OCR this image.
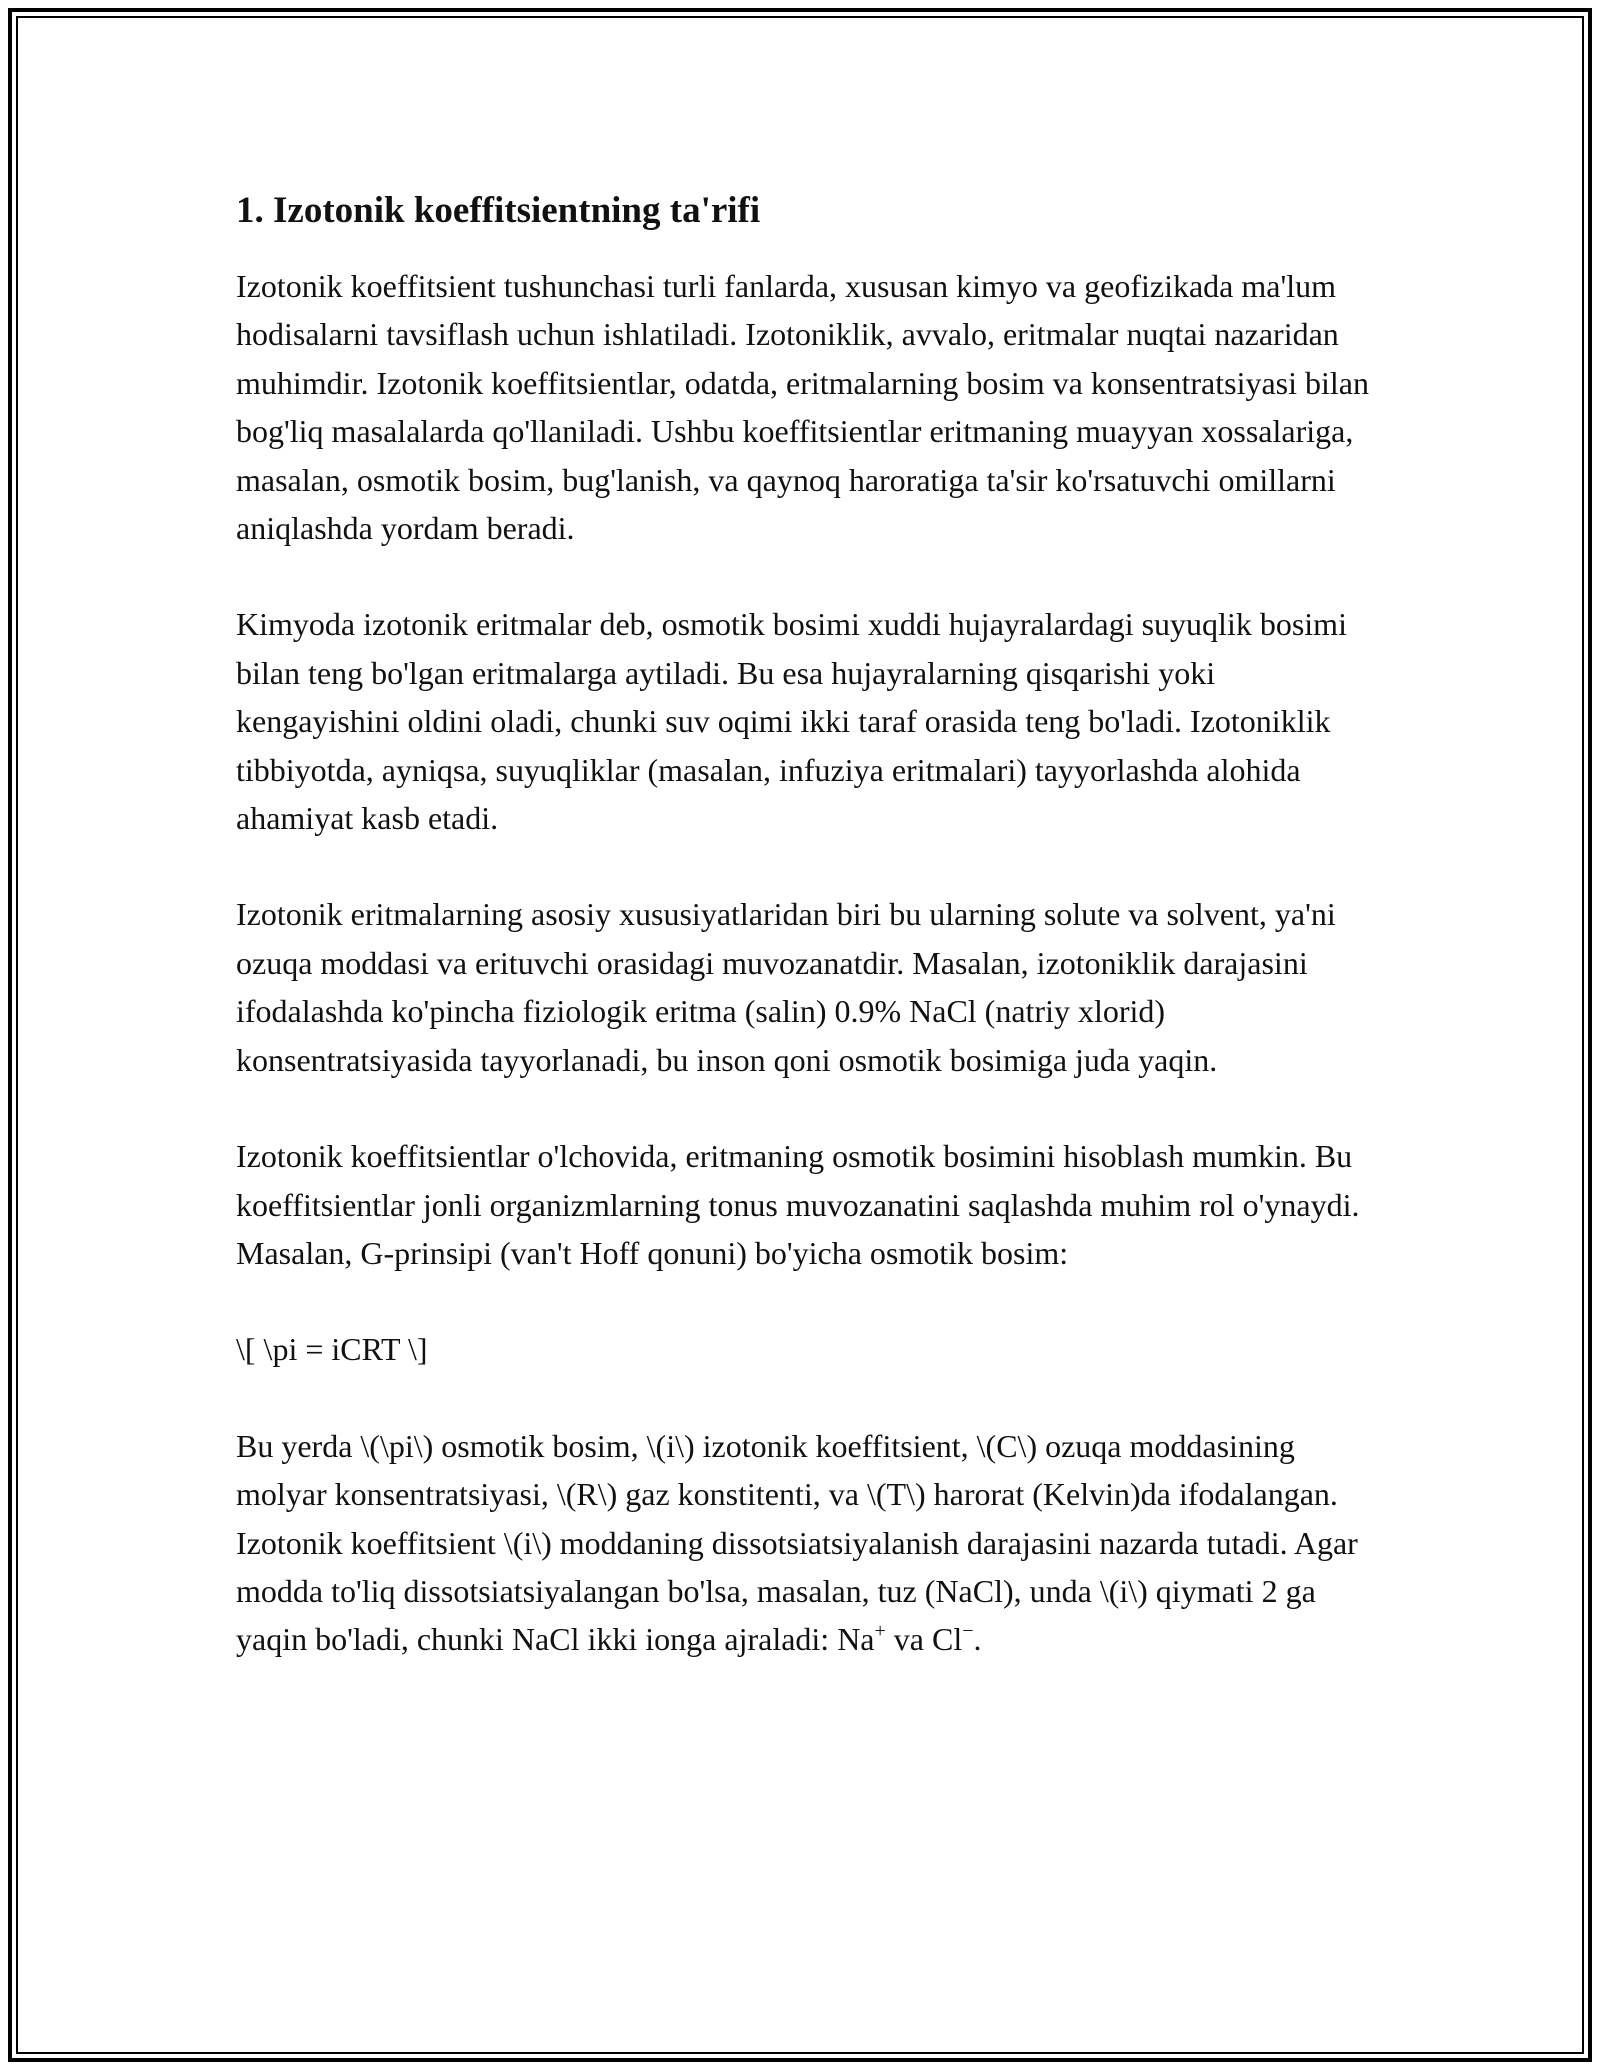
1. Izotonik koeffitsientning ta'rifi

Izotonik koeffitsient tushunchasi turli fanlarda, xususan kimyo va geofizikada ma'lum hodisalarni tavsiflash uchun ishlatiladi. Izotoniklik, avvalo, eritmalar nuqtai nazaridan muhimdir. Izotonik koeffitsientlar, odatda, eritmalarning bosim va konsentratsiyasi bilan bog'liq masalalarda qo'llaniladi. Ushbu koeffitsientlar eritmaning muayyan xossalariga, masalan, osmotik bosim, bug'lanish, va qaynoq haroratiga ta'sir ko'rsatuvchi omillarni aniqlashda yordam beradi.

Kimyoda izotonik eritmalar deb, osmotik bosimi xuddi hujayralardagi suyuqlik bosimi bilan teng bo'lgan eritmalarga aytiladi. Bu esa hujayralarning qisqarishi yoki kengayishini oldini oladi, chunki suv oqimi ikki taraf orasida teng bo'ladi. Izotoniklik tibbiyotda, ayniqsa, suyuqliklar (masalan, infuziya eritmalari) tayyorlashda alohida ahamiyat kasb etadi.

Izotonik eritmalarning asosiy xususiyatlaridan biri bu ularning solute va solvent, ya'ni ozuqa moddasi va erituvchi orasidagi muvozanatdir. Masalan, izotoniklik darajasini ifodalashda ko'pincha fiziologik eritma (salin) 0.9% NaCl (natriy xlorid) konsentratsiyasida tayyorlanadi, bu inson qoni osmotik bosimiga juda yaqin.

Izotonik koeffitsientlar o'lchovida, eritmaning osmotik bosimini hisoblash mumkin. Bu koeffitsientlar jonli organizmlarning tonus muvozanatini saqlashda muhim rol o'ynaydi. Masalan, G-prinsipi (van't Hoff qonuni) bo'yicha osmotik bosim:

\[ \pi = iCRT \]

Bu yerda \(\pi\) osmotik bosim, \(i\) izotonik koeffitsient, \(C\) ozuqa moddasining molyar konsentratsiyasi, \(R\) gaz konstitenti, va \(T\) harorat (Kelvin)da ifodalangan. Izotonik koeffitsient \(i\) moddaning dissotsiatsiyalanish darajasini nazarda tutadi. Agar modda to'liq dissotsiatsiyalangan bo'lsa, masalan, tuz (NaCl), unda \(i\) qiymati 2 ga yaqin bo'ladi, chunki NaCl ikki ionga ajraladi: Na+ va Cl−.
